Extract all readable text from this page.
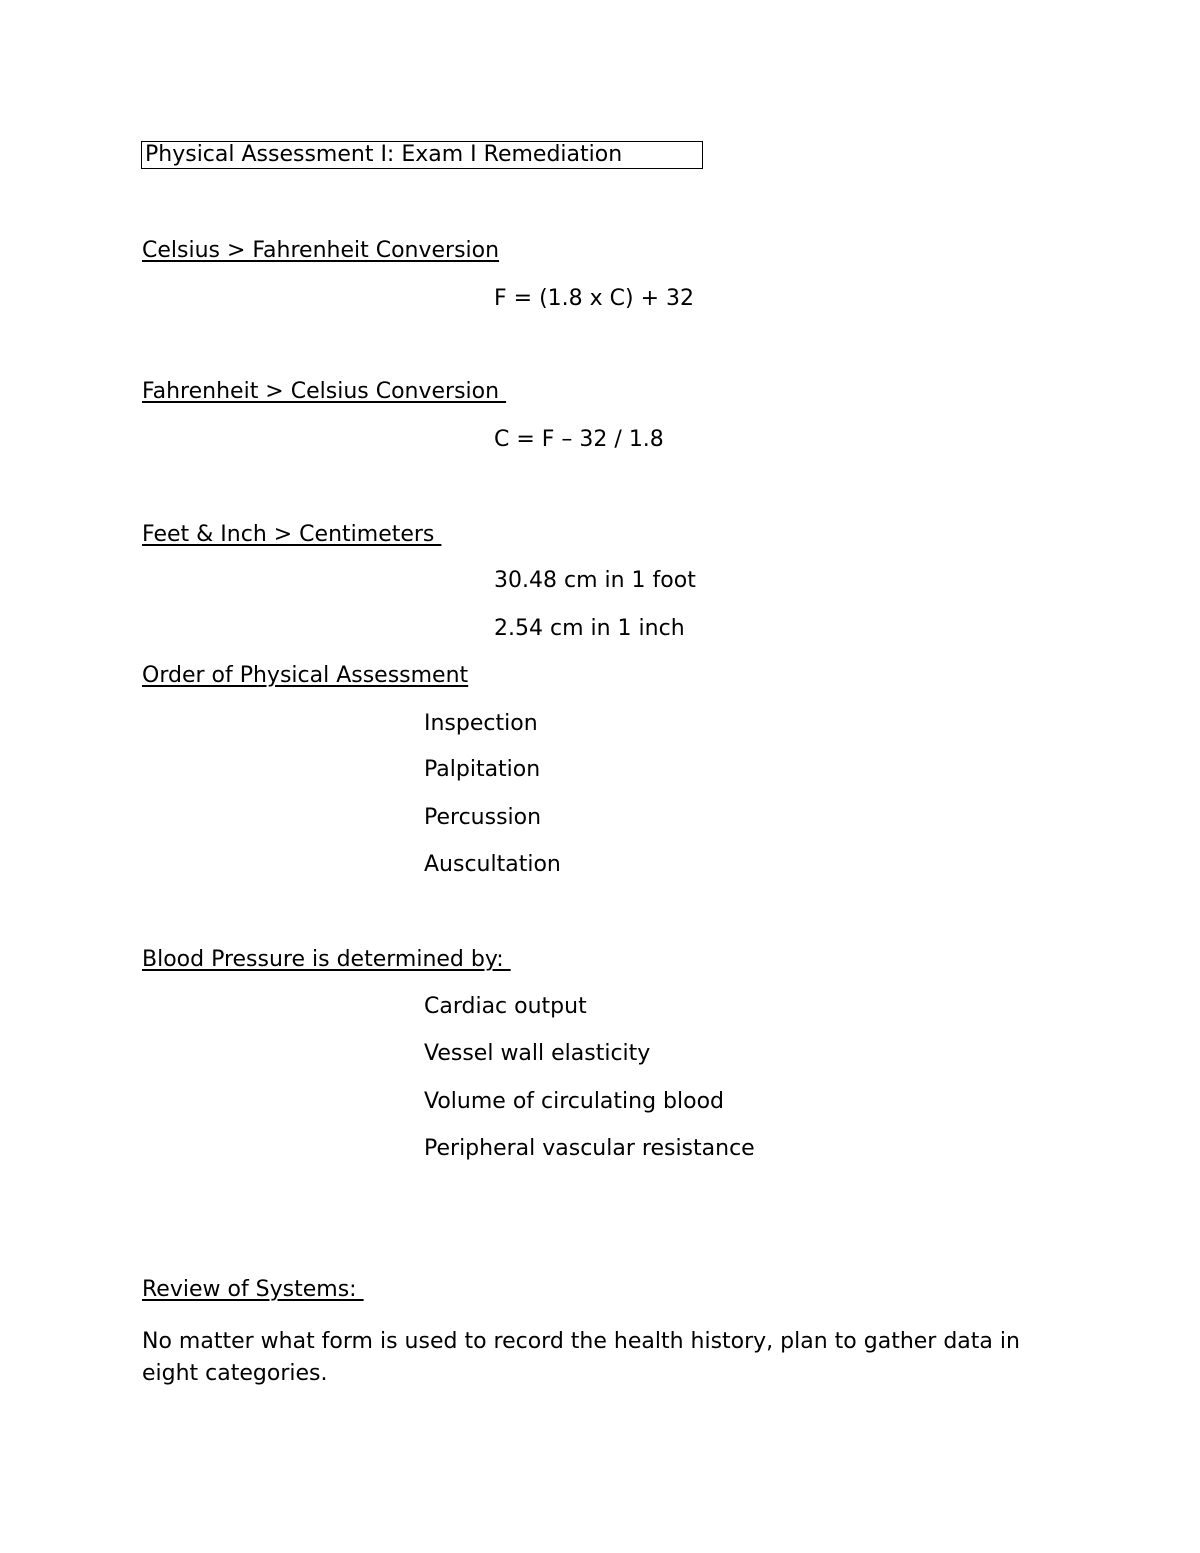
Physical Assessment I: Exam I Remediation
Celsius > Fahrenheit Conversion
F = (1.8 x C) + 32
Fahrenheit > Celsius Conversion
C = F – 32 / 1.8
Feet & Inch > Centimeters
30.48 cm in 1 foot
2.54 cm in 1 inch
Order of Physical Assessment
Inspection
Palpitation
Percussion
Auscultation
Blood Pressure is determined by:
Cardiac output
Vessel wall elasticity
Volume of circulating blood
Peripheral vascular resistance
Review of Systems:
No matter what form is used to record the health history, plan to gather data in eight categories.
